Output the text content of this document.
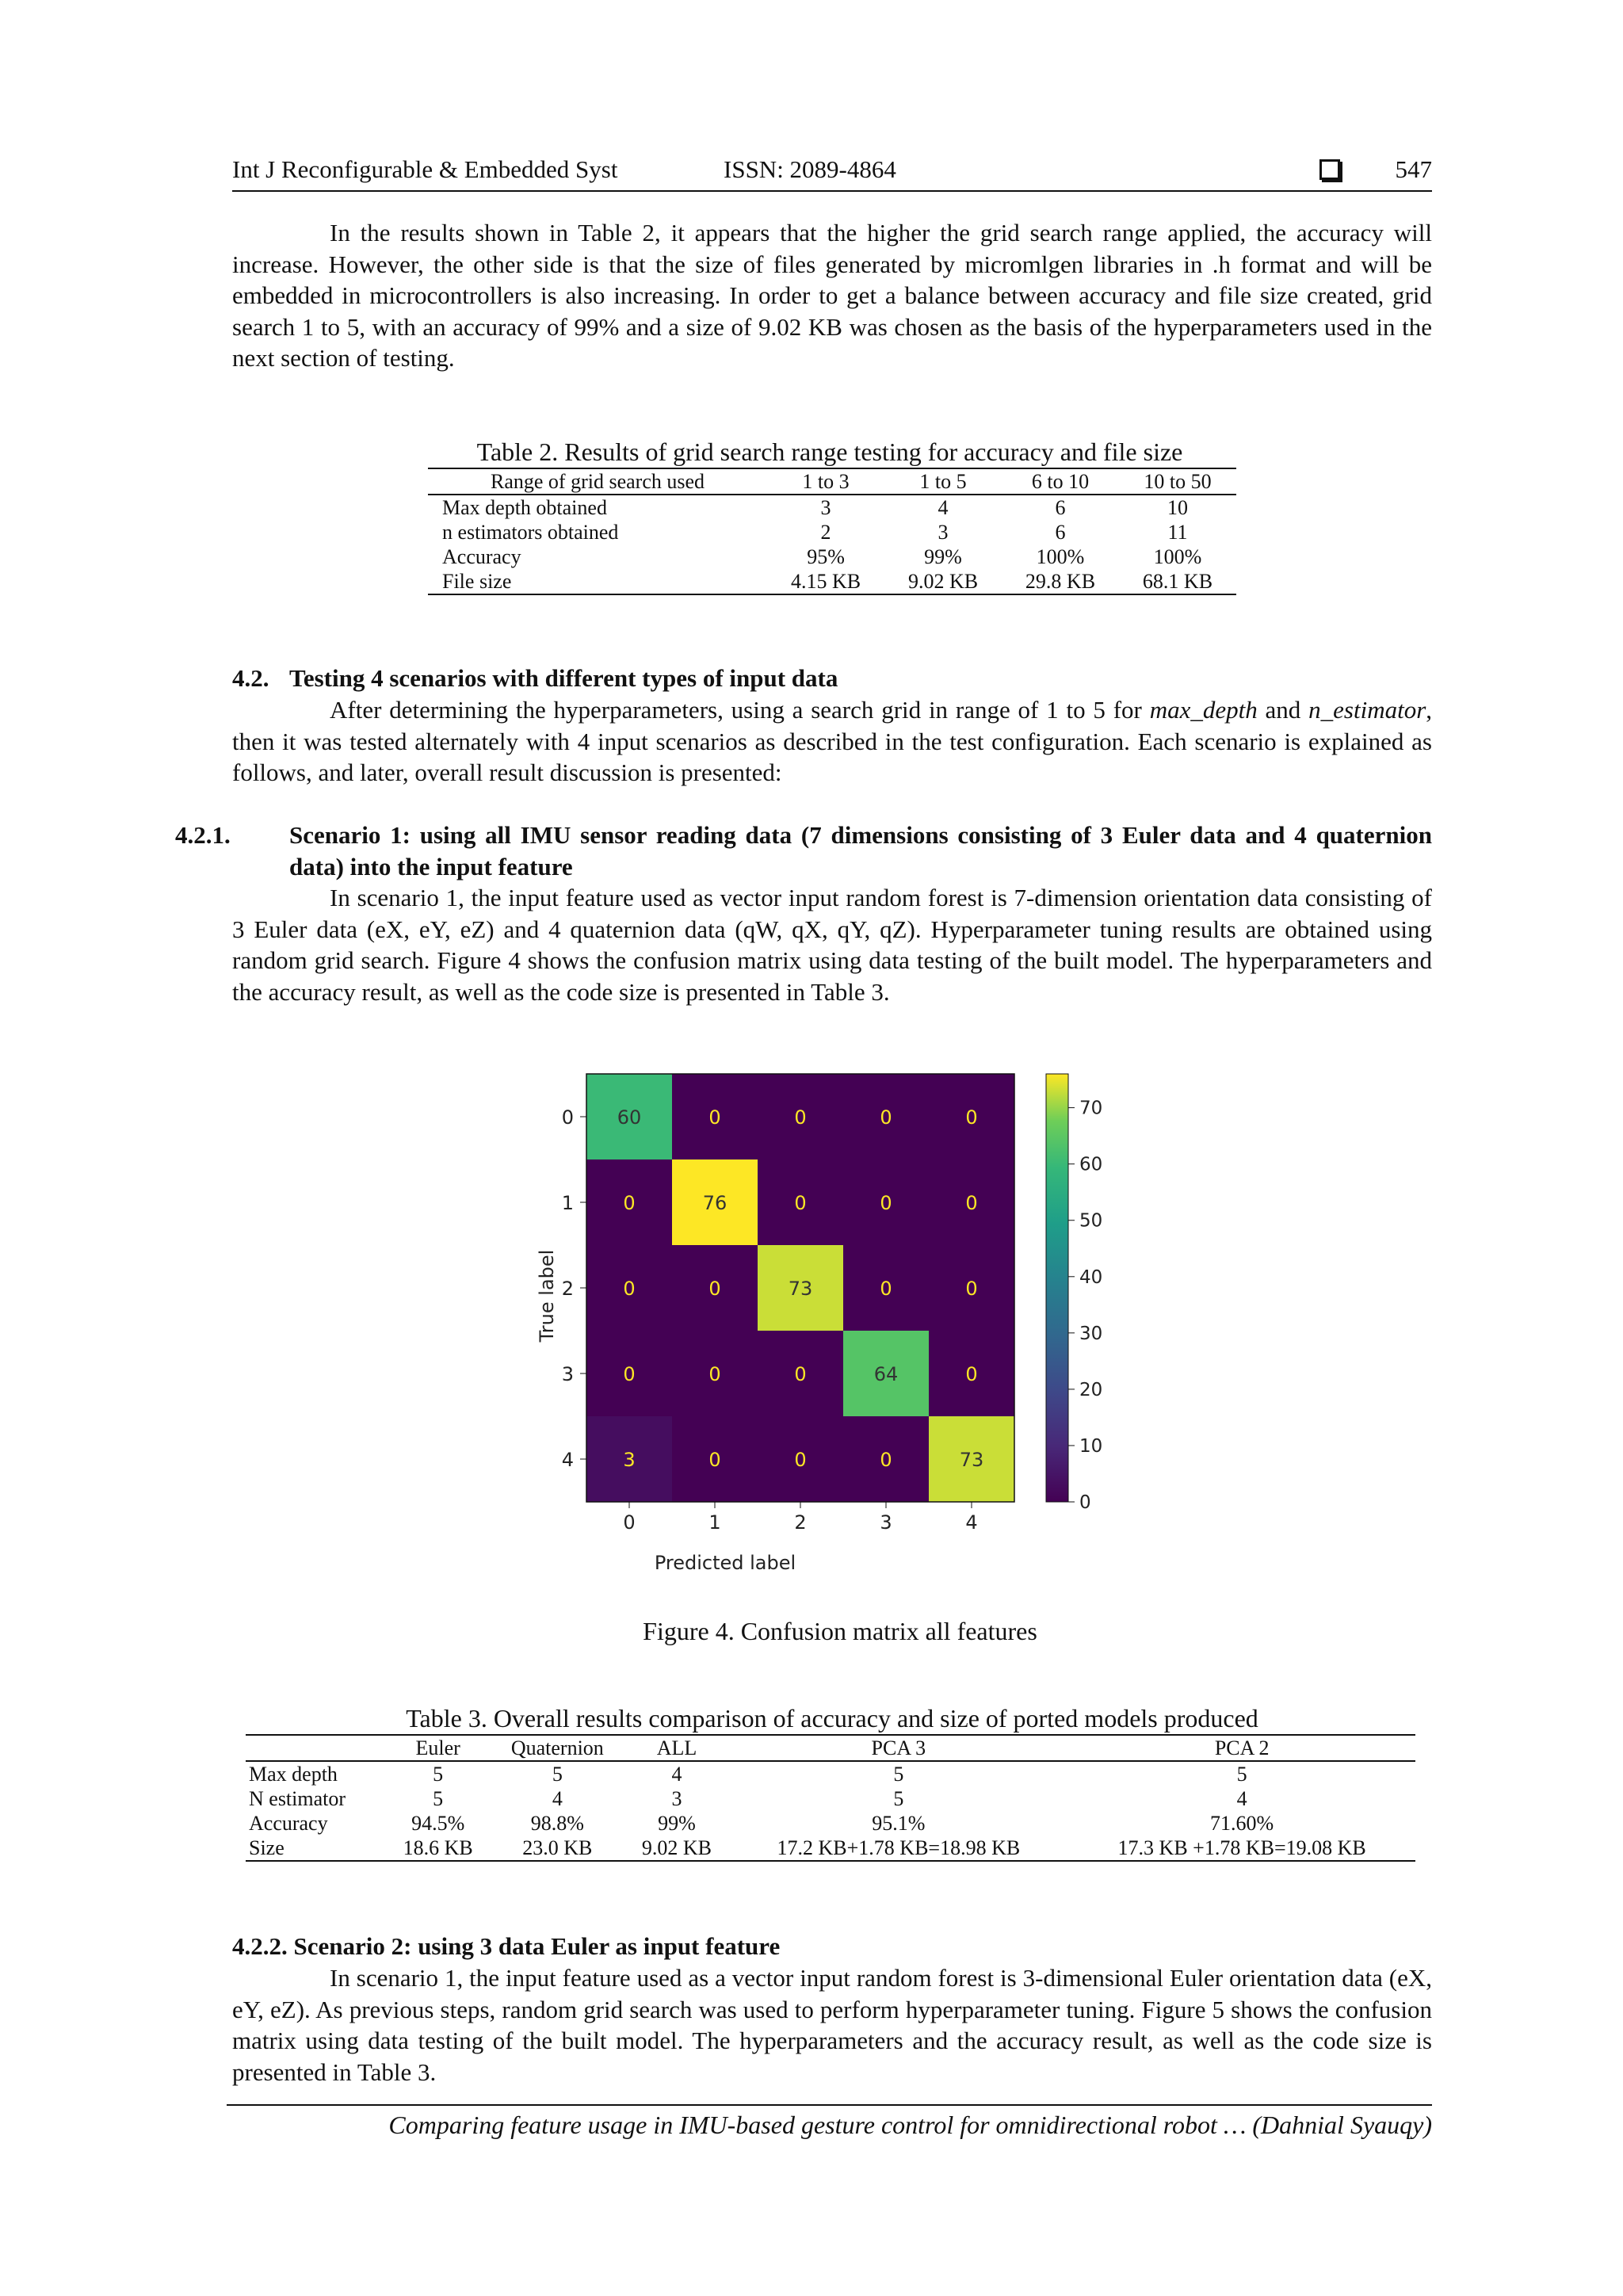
Int J Reconfigurable & Embedded Syst	ISSN: 2089-4864	547

In the results shown in Table 2, it appears that the higher the grid search range applied, the accuracy will increase. However, the other side is that the size of files generated by micromlgen libraries in .h format and will be embedded in microcontrollers is also increasing. In order to get a balance between accuracy and file size created, grid search 1 to 5, with an accuracy of 99% and a size of 9.02 KB was chosen as the basis of the hyperparameters used in the next section of testing.

Table 2. Results of grid search range testing for accuracy and file size
Range of grid search used	1 to 3	1 to 5	6 to 10	10 to 50
Max depth obtained	3	4	6	10
n estimators obtained	2	3	6	11
Accuracy	95%	99%	100%	100%
File size	4.15 KB	9.02 KB	29.8 KB	68.1 KB
4.2. Testing 4 scenarios with different types of input data

After determining the hyperparameters, using a search grid in range of 1 to 5 for max_depth and n_estimator, then it was tested alternately with 4 input scenarios as described in the test configuration. Each scenario is explained as follows, and later, overall result discussion is presented:

4.2.1. Scenario 1: using all IMU sensor reading data (7 dimensions consisting of 3 Euler data and 4 quaternion data) into the input feature

In scenario 1, the input feature used as vector input random forest is 7-dimension orientation data consisting of 3 Euler data (eX, eY, eZ) and 4 quaternion data (qW, qX, qY, qZ). Hyperparameter tuning results are obtained using random grid search. Figure 4 shows the confusion matrix using data testing of the built model. The hyperparameters and the accuracy result, as well as the code size is presented in Table 3.

60	0	0	0	0
0	76	0	0	0
0	0	73	0	0
0	0	0	64	0
3	0	0	0	73
0	1	2	3	4
0
1
2
3
4
0
10
20
30
40
50
60
70
Predicted label
True label
Figure 4. Confusion matrix all features
Table 3. Overall results comparison of accuracy and size of ported models produced
	Euler	Quaternion	ALL	PCA 3	PCA 2
Max depth	5	5	4	5	5
N estimator	5	4	3	5	4
Accuracy	94.5%	98.8%	99%	95.1%	71.60%
Size	18.6 KB	23.0 KB	9.02 KB	17.2 KB+1.78 KB=18.98 KB	17.3 KB +1.78 KB=19.08 KB
4.2.2. Scenario 2: using 3 data Euler as input feature

In scenario 1, the input feature used as a vector input random forest is 3-dimensional Euler orientation data (eX, eY, eZ). As previous steps, random grid search was used to perform hyperparameter tuning. Figure 5 shows the confusion matrix using data testing of the built model. The hyperparameters and the accuracy result, as well as the code size is presented in Table 3.

Comparing feature usage in IMU-based gesture control for omnidirectional robot … (Dahnial Syauqy)
